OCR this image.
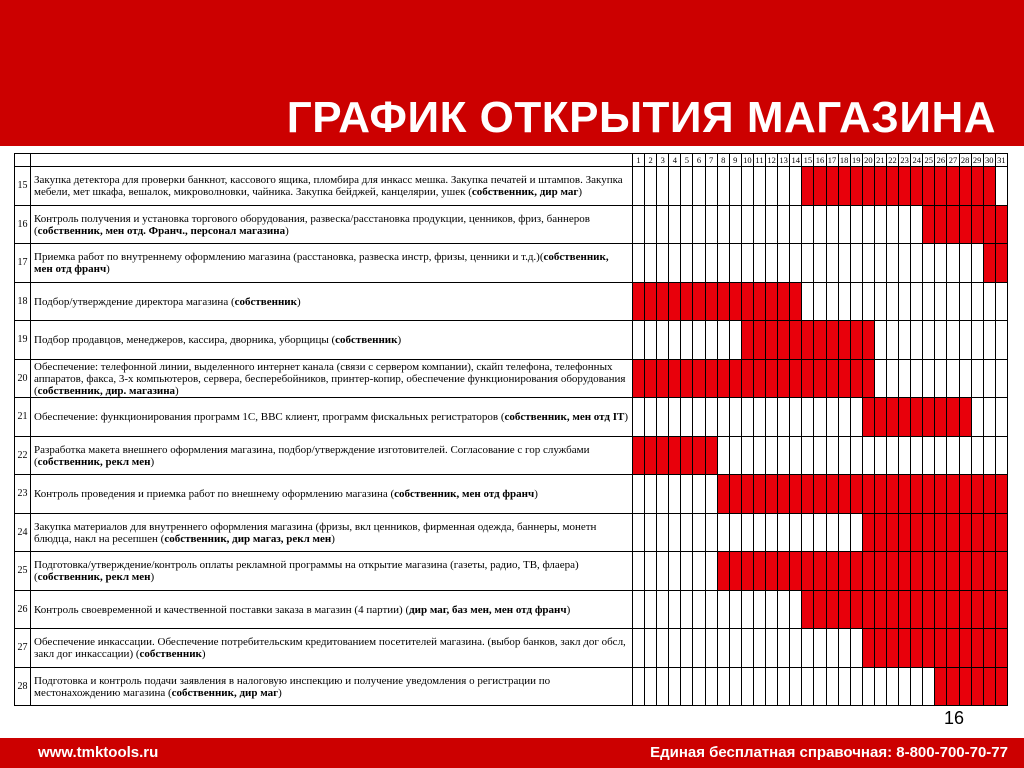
ГРАФИК ОТКРЫТИЯ МАГАЗИНА
		1	2	3	4	5	6	7	8	9	10	11	12	13	14	15	16	17	18	19	20	21	22	23	24	25	26	27	28	29	30	31
15	Закупка детектора для проверки банкнот, кассового ящика, пломбира для инкасс мешка. Закупка печатей и штампов. Закупка мебели, мет шкафа, вешалок, микроволновки, чайника. Закупка бейджей, канцелярии, ушек (собственник, дир маг)																															
16	Контроль получения и установка торгового оборудования, развеска/расстановка продукции, ценников, фриз, баннеров (собственник, мен отд. Франч., персонал магазина)																															
17	Приемка работ по внутреннему оформлению магазина (расстановка, развеска инстр, фризы, ценники и т.д.)(собственник, мен отд франч)																															
18	Подбор/утверждение директора магазина (собственник)																															
19	Подбор продавцов, менеджеров, кассира, дворника, уборщицы (собственник)																															
20	Обеспечение: телефонной линии, выделенного интернет канала (связи с сервером компании), скайп телефона, телефонных аппаратов, факса, 3-х компьютеров, сервера, бесперебойников, принтер-копир, обеспечение функционирования оборудования (собственник, дир. магазина)																															
21	Обеспечение: функционирования программ 1С, ВВС клиент, программ фискальных регистраторов (собственник, мен отд IT)																															
22	Разработка макета внешнего оформления магазина, подбор/утверждение изготовителей. Согласование с гор службами (собственник, рекл мен)																															
23	Контроль проведения и приемка работ по внешнему оформлению магазина (собственник, мен отд франч)																															
24	Закупка материалов для внутреннего оформления магазина (фризы, вкл ценников, фирменная одежда, баннеры, монетн блюдца, накл на ресепшен (собственник, дир магаз, рекл мен)																															
25	Подготовка/утверждение/контроль оплаты рекламной программы на открытие магазина (газеты, радио, ТВ, флаера)(собственник, рекл мен)																															
26	Контроль своевременной и качественной поставки заказа в магазин (4 партии) (дир маг, баз мен, мен отд франч)																															
27	Обеспечение инкассации. Обеспечение потребительским кредитованием посетителей магазина. (выбор банков, закл дог обсл, закл дог инкассации) (собственник)																															
28	Подготовка и контроль подачи заявления в налоговую инспекцию и получение уведомления о регистрации по местонахождению магазина (собственник, дир маг)																															
16
www.tmktools.ru	Единая бесплатная справочная: 8-800-700-70-77
